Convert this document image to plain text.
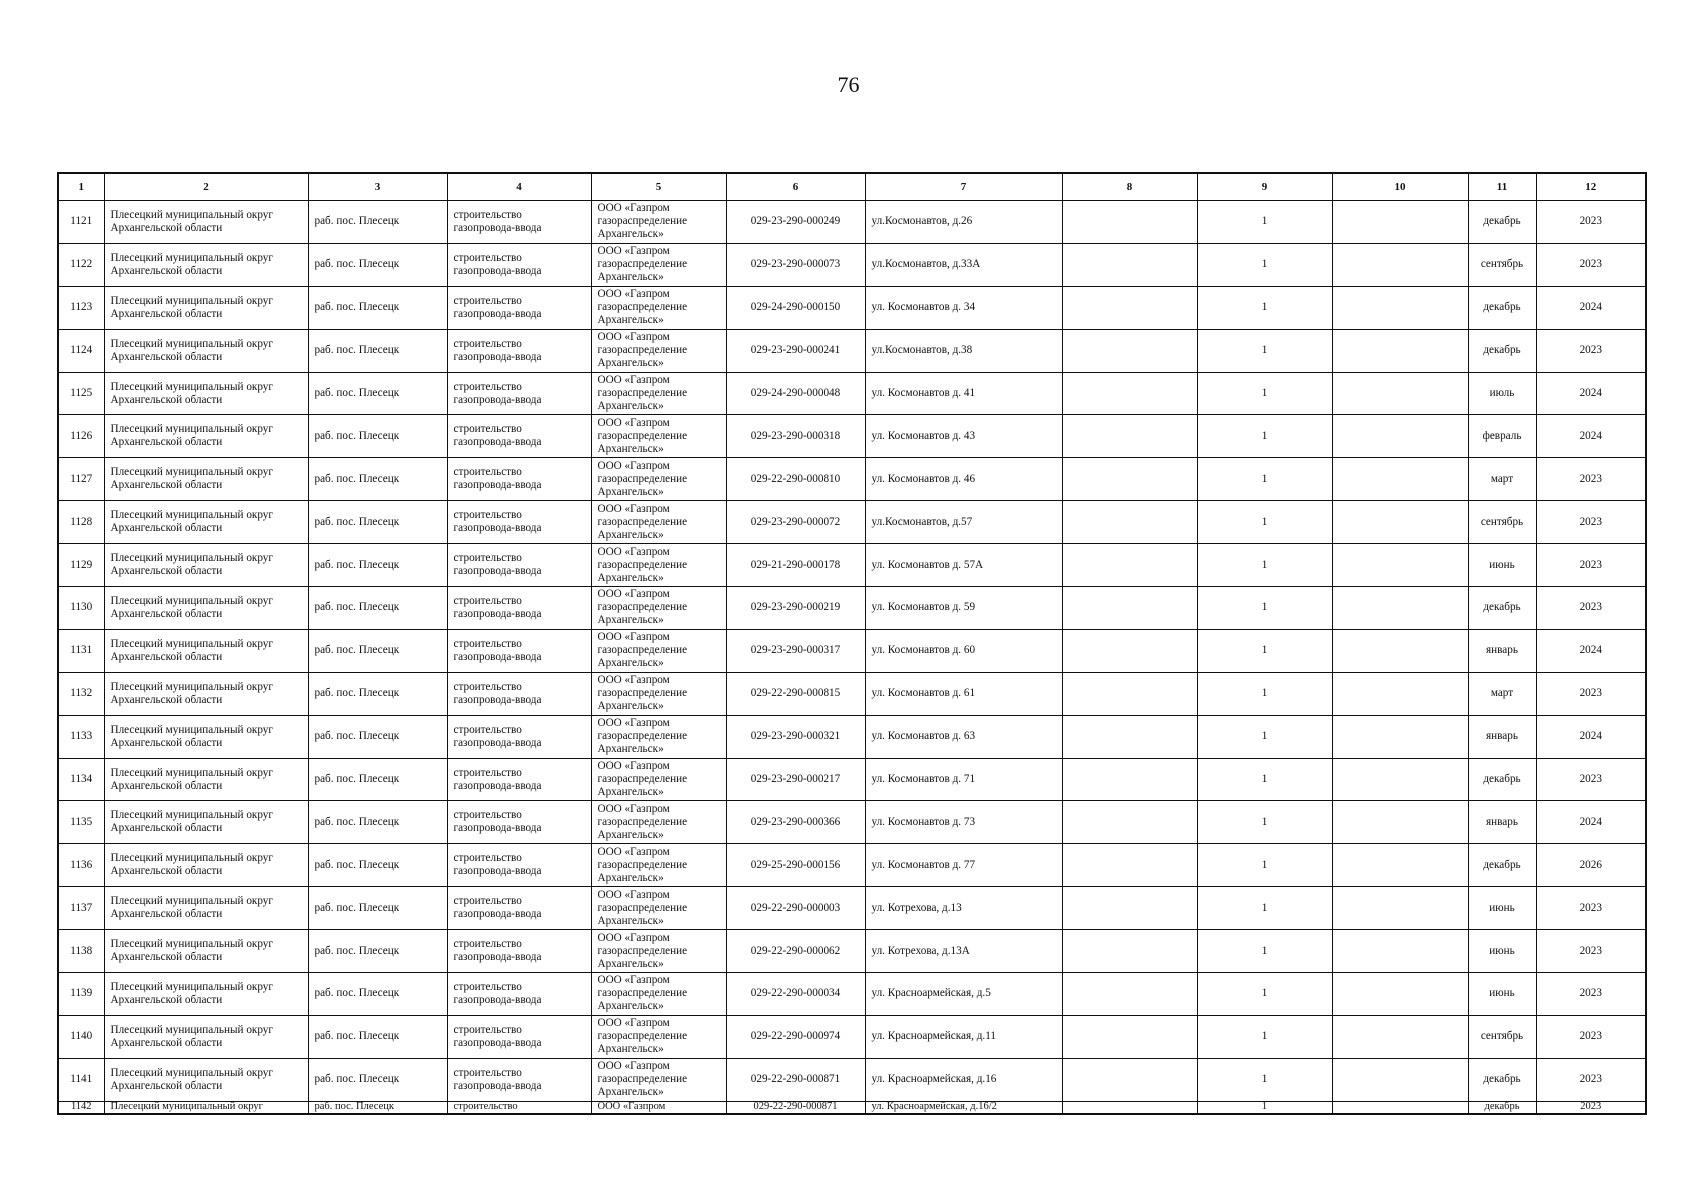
76
1	2	3	4	5	6	7	8	9	10	11	12
1121	Плесецкий муниципальный округ Архангельской области	раб. пос. Плесецк	строительство газопровода-ввода	ООО «Газпром
газораспределение
Архангельск»	029-23-290-000249	ул.Космонавтов, д.26		1		декабрь	2023
1122	Плесецкий муниципальный округ Архангельской области	раб. пос. Плесецк	строительство газопровода-ввода	ООО «Газпром
газораспределение
Архангельск»	029-23-290-000073	ул.Космонавтов, д.33А		1		сентябрь	2023
1123	Плесецкий муниципальный округ Архангельской области	раб. пос. Плесецк	строительство газопровода-ввода	ООО «Газпром
газораспределение
Архангельск»	029-24-290-000150	ул. Космонавтов д. 34		1		декабрь	2024
1124	Плесецкий муниципальный округ Архангельской области	раб. пос. Плесецк	строительство газопровода-ввода	ООО «Газпром
газораспределение
Архангельск»	029-23-290-000241	ул.Космонавтов, д.38		1		декабрь	2023
1125	Плесецкий муниципальный округ Архангельской области	раб. пос. Плесецк	строительство газопровода-ввода	ООО «Газпром
газораспределение
Архангельск»	029-24-290-000048	ул. Космонавтов д. 41		1		июль	2024
1126	Плесецкий муниципальный округ Архангельской области	раб. пос. Плесецк	строительство газопровода-ввода	ООО «Газпром
газораспределение
Архангельск»	029-23-290-000318	ул. Космонавтов д. 43		1		февраль	2024
1127	Плесецкий муниципальный округ Архангельской области	раб. пос. Плесецк	строительство газопровода-ввода	ООО «Газпром
газораспределение
Архангельск»	029-22-290-000810	ул. Космонавтов д. 46		1		март	2023
1128	Плесецкий муниципальный округ Архангельской области	раб. пос. Плесецк	строительство газопровода-ввода	ООО «Газпром
газораспределение
Архангельск»	029-23-290-000072	ул.Космонавтов, д.57		1		сентябрь	2023
1129	Плесецкий муниципальный округ Архангельской области	раб. пос. Плесецк	строительство газопровода-ввода	ООО «Газпром
газораспределение
Архангельск»	029-21-290-000178	ул. Космонавтов д. 57А		1		июнь	2023
1130	Плесецкий муниципальный округ Архангельской области	раб. пос. Плесецк	строительство газопровода-ввода	ООО «Газпром
газораспределение
Архангельск»	029-23-290-000219	ул. Космонавтов д. 59		1		декабрь	2023
1131	Плесецкий муниципальный округ Архангельской области	раб. пос. Плесецк	строительство газопровода-ввода	ООО «Газпром
газораспределение
Архангельск»	029-23-290-000317	ул. Космонавтов д. 60		1		январь	2024
1132	Плесецкий муниципальный округ Архангельской области	раб. пос. Плесецк	строительство газопровода-ввода	ООО «Газпром
газораспределение
Архангельск»	029-22-290-000815	ул. Космонавтов д. 61		1		март	2023
1133	Плесецкий муниципальный округ Архангельской области	раб. пос. Плесецк	строительство газопровода-ввода	ООО «Газпром
газораспределение
Архангельск»	029-23-290-000321	ул. Космонавтов д. 63		1		январь	2024
1134	Плесецкий муниципальный округ Архангельской области	раб. пос. Плесецк	строительство газопровода-ввода	ООО «Газпром
газораспределение
Архангельск»	029-23-290-000217	ул. Космонавтов д. 71		1		декабрь	2023
1135	Плесецкий муниципальный округ Архангельской области	раб. пос. Плесецк	строительство газопровода-ввода	ООО «Газпром
газораспределение
Архангельск»	029-23-290-000366	ул. Космонавтов д. 73		1		январь	2024
1136	Плесецкий муниципальный округ Архангельской области	раб. пос. Плесецк	строительство газопровода-ввода	ООО «Газпром
газораспределение
Архангельск»	029-25-290-000156	ул. Космонавтов д. 77		1		декабрь	2026
1137	Плесецкий муниципальный округ Архангельской области	раб. пос. Плесецк	строительство газопровода-ввода	ООО «Газпром
газораспределение
Архангельск»	029-22-290-000003	ул. Котрехова, д.13		1		июнь	2023
1138	Плесецкий муниципальный округ Архангельской области	раб. пос. Плесецк	строительство газопровода-ввода	ООО «Газпром
газораспределение
Архангельск»	029-22-290-000062	ул. Котрехова, д.13А		1		июнь	2023
1139	Плесецкий муниципальный округ Архангельской области	раб. пос. Плесецк	строительство газопровода-ввода	ООО «Газпром
газораспределение
Архангельск»	029-22-290-000034	ул. Красноармейская, д.5		1		июнь	2023
1140	Плесецкий муниципальный округ Архангельской области	раб. пос. Плесецк	строительство газопровода-ввода	ООО «Газпром
газораспределение
Архангельск»	029-22-290-000974	ул. Красноармейская, д.11		1		сентябрь	2023
1141	Плесецкий муниципальный округ Архангельской области	раб. пос. Плесецк	строительство газопровода-ввода	ООО «Газпром
газораспределение
Архангельск»	029-22-290-000871	ул. Красноармейская, д.16		1		декабрь	2023
1142	Плесецкий муниципальный округ	раб. пос. Плесецк	строительство	ООО «Газпром	029-22-290-000871	ул. Красноармейская, д.16/2		1		декабрь	2023
